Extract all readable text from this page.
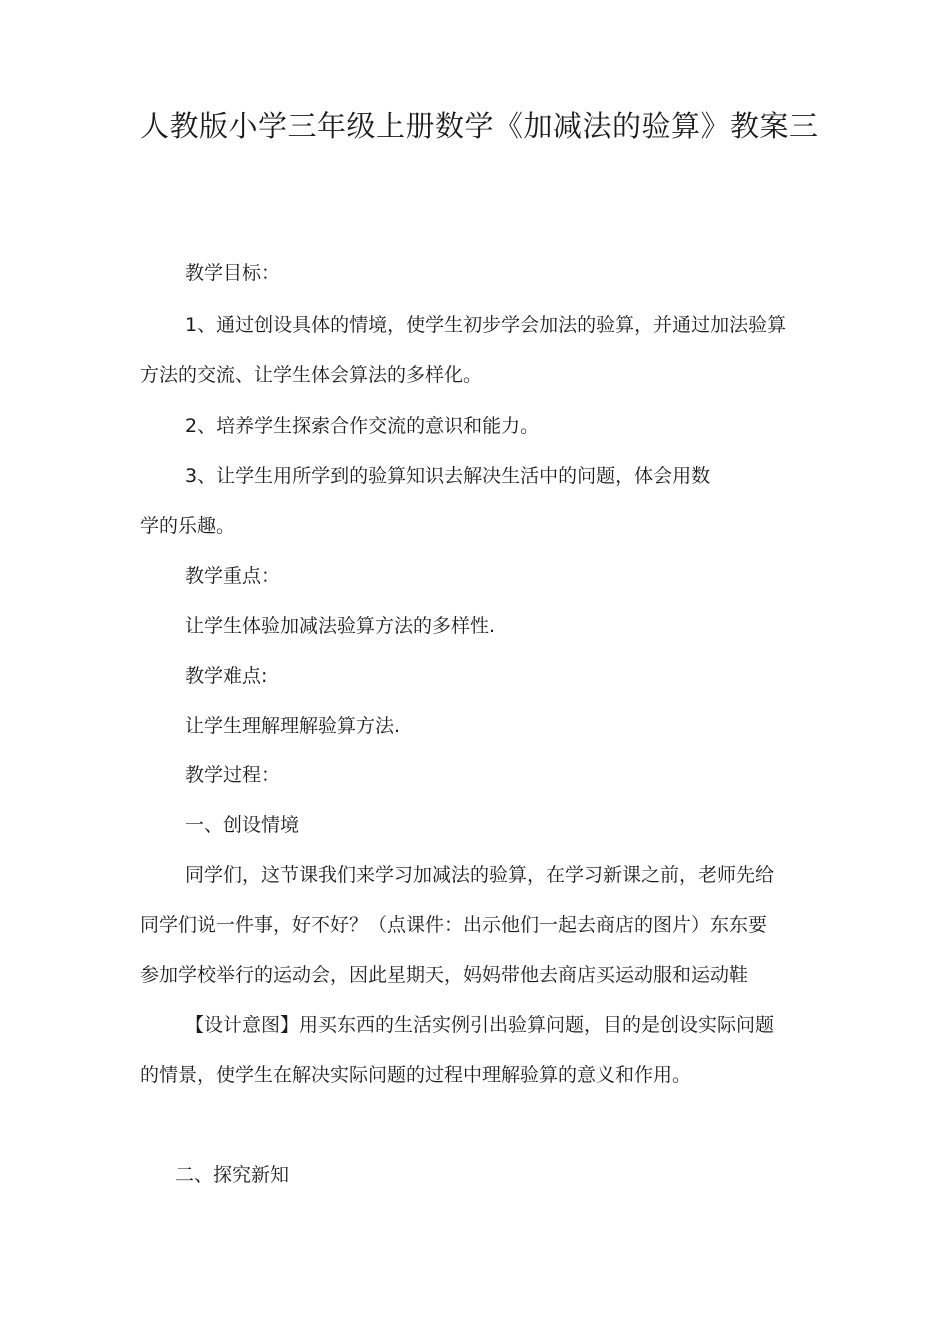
人教版小学三年级上册数学《加减法的验算》教案三
教学目标：
1、通过创设具体的情境，使学生初步学会加法的验算，并通过加法验算
方法的交流、让学生体会算法的多样化。
2、培养学生探索合作交流的意识和能力。
3、让学生用所学到的验算知识去解决生活中的问题，体会用数
学的乐趣。
教学重点：
让学生体验加减法验算方法的多样性.
教学难点:
让学生理解理解验算方法.
教学过程：
一、创设情境
同学们，这节课我们来学习加减法的验算，在学习新课之前，老师先给
同学们说一件事，好不好？（点课件：出示他们一起去商店的图片）东东要
参加学校举行的运动会，因此星期天，妈妈带他去商店买运动服和运动鞋
【设计意图】用买东西的生活实例引出验算问题，目的是创设实际问题
的情景，使学生在解决实际问题的过程中理解验算的意义和作用。
二、探究新知
